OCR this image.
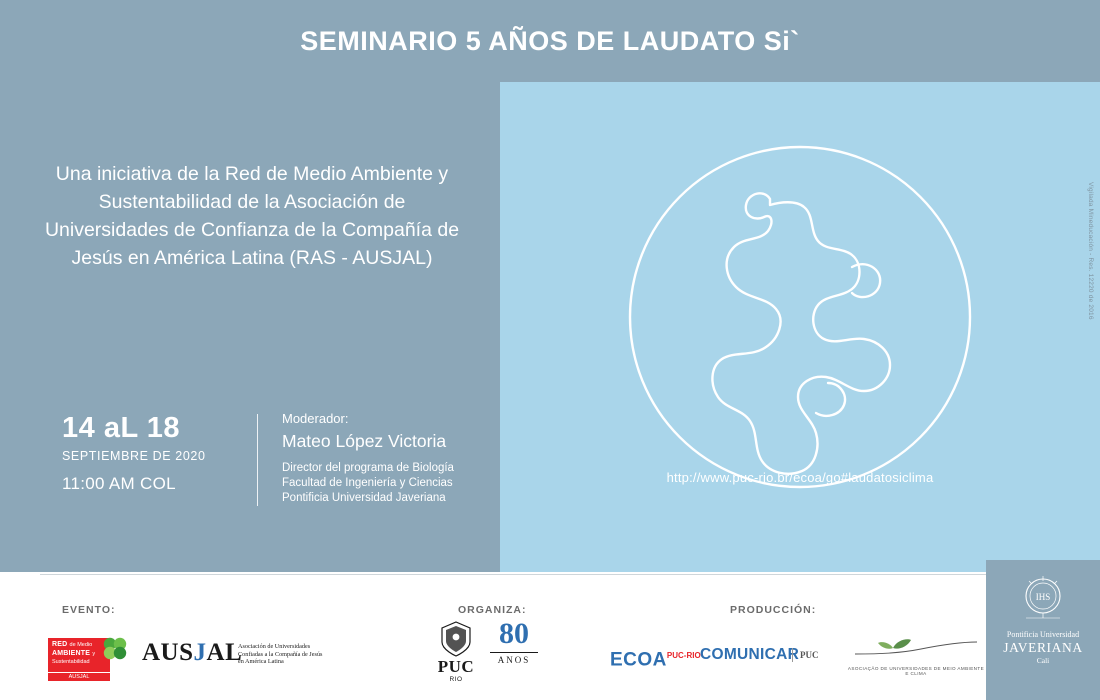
SEMINARIO 5 AÑOS DE LAUDATO Si`
Una iniciativa de la Red de Medio Ambiente y Sustentabilidad de la Asociación de Universidades de Confianza de la Compañía de Jesús en América Latina (RAS - AUSJAL)
14 aL 18
SEPTIEMBRE DE 2020
11:00 AM COL
Moderador:
Mateo López Victoria
Director del programa de Biología
Facultad de Ingeniería y Ciencias
Pontificia Universidad Javeriana
http://www.puc-rio.br/ecoa/go#laudatosiclima
Vigilada Mineducación - Res. 12220 de 2016
EVENTO:	ORGANIZA:	PRODUCCIÓN:
RED de Medio
AMBIENTE y Sustentabilidad
AUSJAL
AUSJAL
Asociación de Universidades
Confiadas a la Compañía de Jesús
en América Latina	PUC
RIO
80
ANOS	$ECOA^{PUC-RIO}$ COMUNICAR PUC
ASOCIAÇÃO DE UNIVERSIDADES DE MEIO AMBIENTE E CLIMA
IHS
Pontificia Universidad
JAVERIANA
Cali
